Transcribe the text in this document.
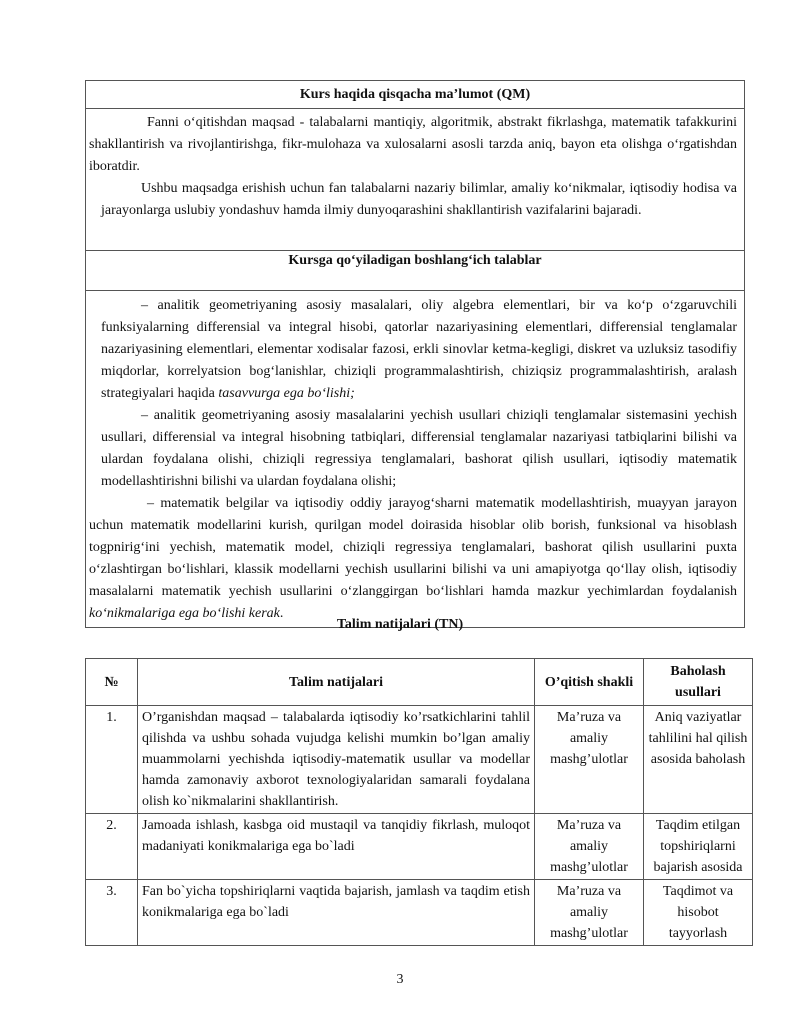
Kurs haqida qisqacha ma’lumot (QM)

Fanni o‘qitishdan maqsad - talabalarni mantiqiy, algoritmik, abstrakt fikrlashga, matematik tafakkurini shakllantirish va rivojlantirishga, fikr-mulohaza va xulosalarni asosli tarzda aniq, bayon eta olishga o‘rgatishdan iboratdir.

Ushbu maqsadga erishish uchun fan talabalarni nazariy bilimlar, amaliy ko‘nikmalar, iqtisodiy hodisa va jarayonlarga uslubiy yondashuv hamda ilmiy dunyoqarashini shakllantirish vazifalarini bajaradi.

Kursga qo‘yiladigan boshlang‘ich talablar

– analitik geometriyaning asosiy masalalari, oliy algebra elementlari, bir va ko‘p o‘zgaruvchili funksiyalarning differensial va integral hisobi, qatorlar nazariyasining elementlari, differensial tenglamalar nazariyasining elementlari, elementar xodisalar fazosi, erkli sinovlar ketma-kegligi, diskret va uzluksiz tasodifiy miqdorlar, korrelyatsion bog‘lanishlar, chiziqli programmalashtirish, chiziqsiz programmalashtirish, aralash strategiyalari haqida tasavvurga ega bo‘lishi;

– analitik geometriyaning asosiy masalalarini yechish usullari chiziqli tenglamalar sistemasini yechish usullari, differensial va integral hisobning tatbiqlari, differensial tenglamalar nazariyasi tatbiqlarini bilishi va ulardan foydalana olishi, chiziqli regressiya tenglamalari, bashorat qilish usullari, iqtisodiy matematik modellashtirishni bilishi va ulardan foydalana olishi;

– matematik belgilar va iqtisodiy oddiy jarayog‘sharni matematik modellashtirish, muayyan jarayon uchun matematik modellarini kurish, qurilgan model doirasida hisoblar olib borish, funksional va hisoblash togpnirig‘ini yechish, matematik model, chiziqli regressiya tenglamalari, bashorat qilish usullarini puxta o‘zlashtirgan bo‘lishlari, klassik modellarni yechish usullarini bilishi va uni amapiyotga qo‘llay olish, iqtisodiy masalalarni matematik yechish usullarini o‘zlanggirgan bo‘lishlari hamda mazkur yechimlardan foydalanish ko‘nikmalariga ega bo‘lishi kerak.

Talim natijalari (TN)
№	Talim natijalari	O’qitish shakli	Baholash usullari
1.	O’rganishdan maqsad – talabalarda iqtisodiy ko’rsatkichlarini tahlil qilishda va ushbu sohada vujudga kelishi mumkin bo’lgan amaliy muammolarni yechishda iqtisodiy-matematik usullar va modellar hamda zamonaviy axborot texnologiyalaridan samarali foydalana olish ko`nikmalarini shakllantirish.	Ma’ruza va amaliy mashg’ulotlar	Aniq vaziyatlar tahlilini hal qilish asosida baholash
2.	Jamoada ishlash, kasbga oid mustaqil va tanqidiy fikrlash, muloqot madaniyati konikmalariga ega bo`ladi	Ma’ruza va amaliy mashg’ulotlar	Taqdim etilgan topshiriqlarni bajarish asosida
3.	Fan bo`yicha topshiriqlarni vaqtida bajarish, jamlash va taqdim etish konikmalariga ega bo`ladi	Ma’ruza va amaliy mashg’ulotlar	Taqdimot va hisobot tayyorlash
3
